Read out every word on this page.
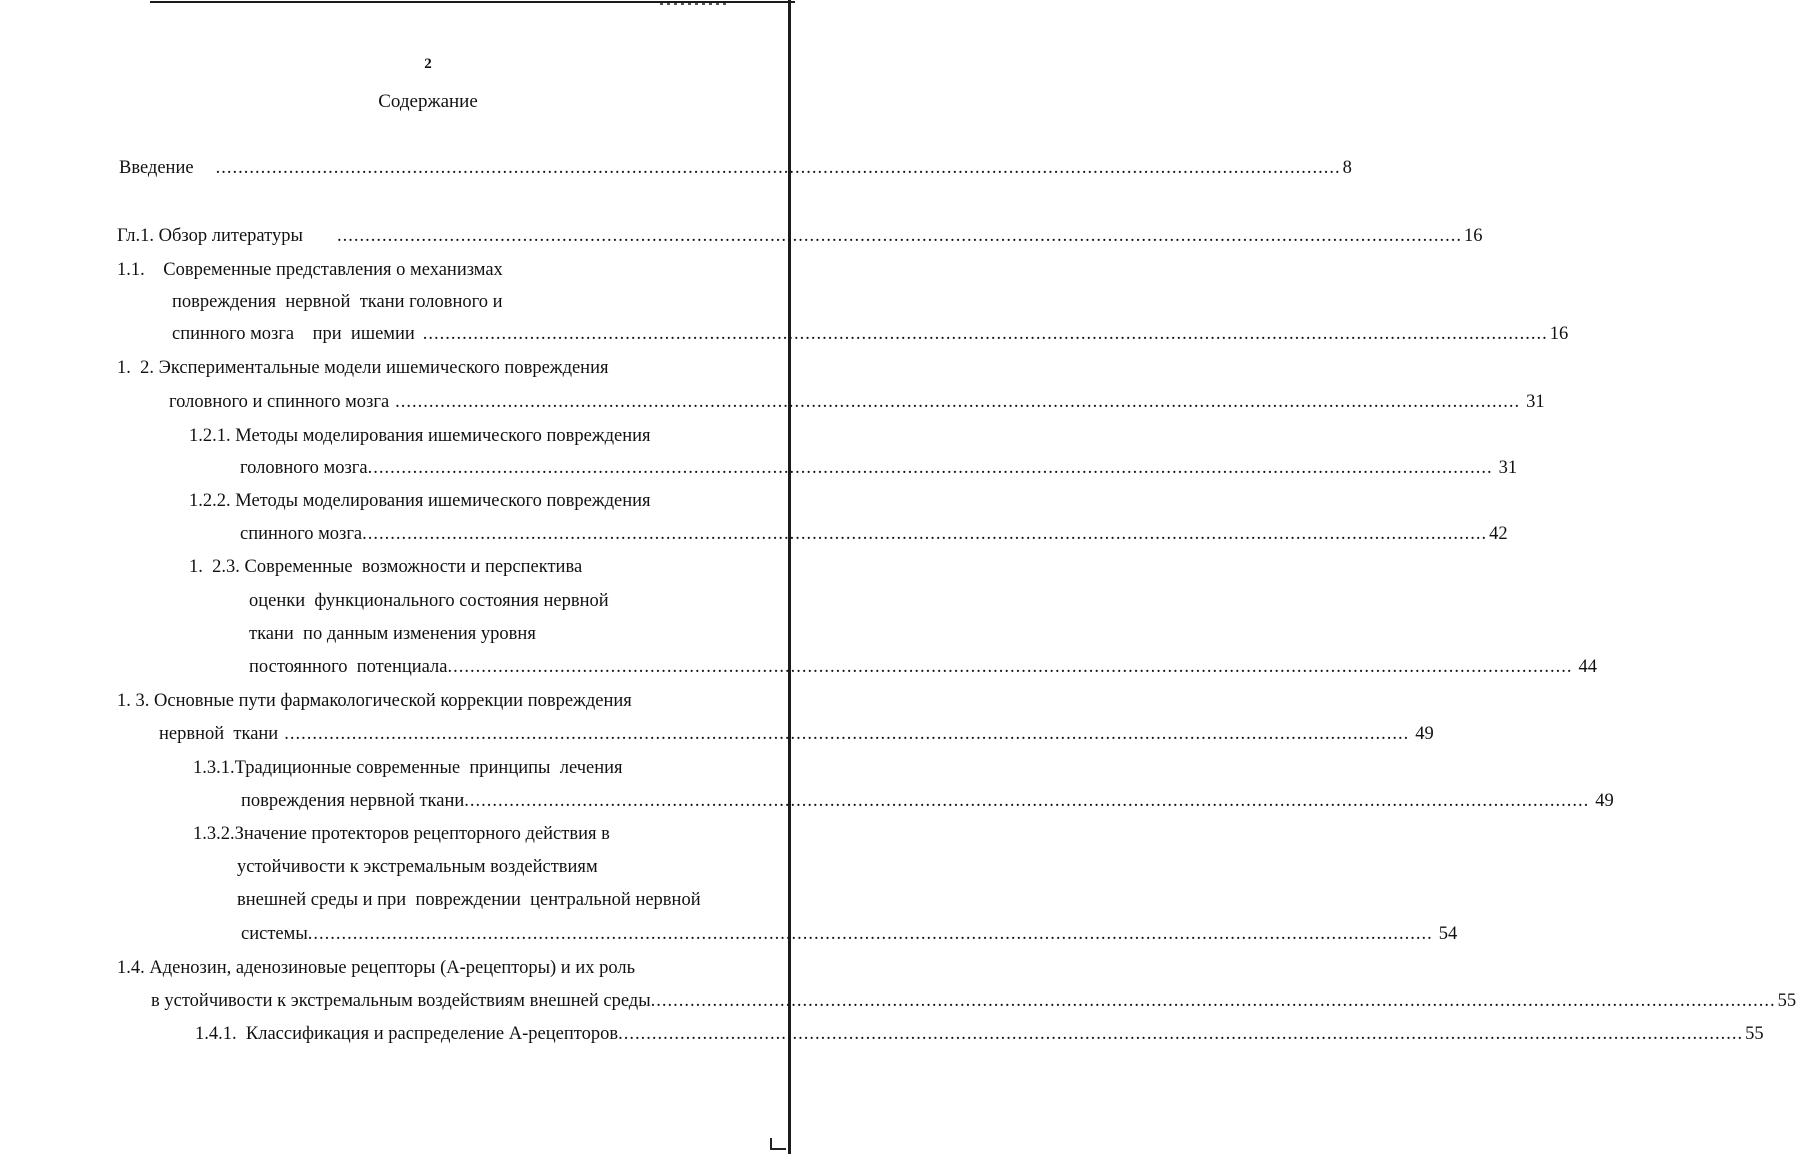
2
Содержание
Введение ........................................................................................................................................................................................................ 8
Гл.1. Обзор литературы ........................................................................................................................................................................................................ 16
1.1.    Современные представления о механизмах
повреждения  нервной  ткани головного и
спинного мозга    при  ишемии ........................................................................................................................................................................................................ 16
1.  2. Экспериментальные модели ишемического повреждения
головного и спинного мозга ........................................................................................................................................................................................................ 31
1.2.1. Методы моделирования ишемического повреждения
головного мозга ........................................................................................................................................................................................................ 31
1.2.2. Методы моделирования ишемического повреждения
спинного мозга ........................................................................................................................................................................................................ 42
1.  2.3. Современные  возможности и перспектива
оценки  функционального состояния нервной
ткани  по данным изменения уровня
постоянного  потенциала ........................................................................................................................................................................................................ 44
1. 3. Основные пути фармакологической коррекции повреждения
нервной  ткани ........................................................................................................................................................................................................ 49
1.3.1.Традиционные современные  принципы  лечения
повреждения нервной ткани ........................................................................................................................................................................................................ 49
1.3.2.Значение протекторов рецепторного действия в
устойчивости к экстремальным воздействиям
внешней среды и при  повреждении  центральной нервной
системы ........................................................................................................................................................................................................ 54
1.4. Аденозин, аденозиновые рецепторы (А-рецепторы) и их роль
в устойчивости к экстремальным воздействиям внешней среды ........................................................................................................................................................................................................ 55
1.4.1.  Классификация и распределение А-рецепторов ........................................................................................................................................................................................................ 55
